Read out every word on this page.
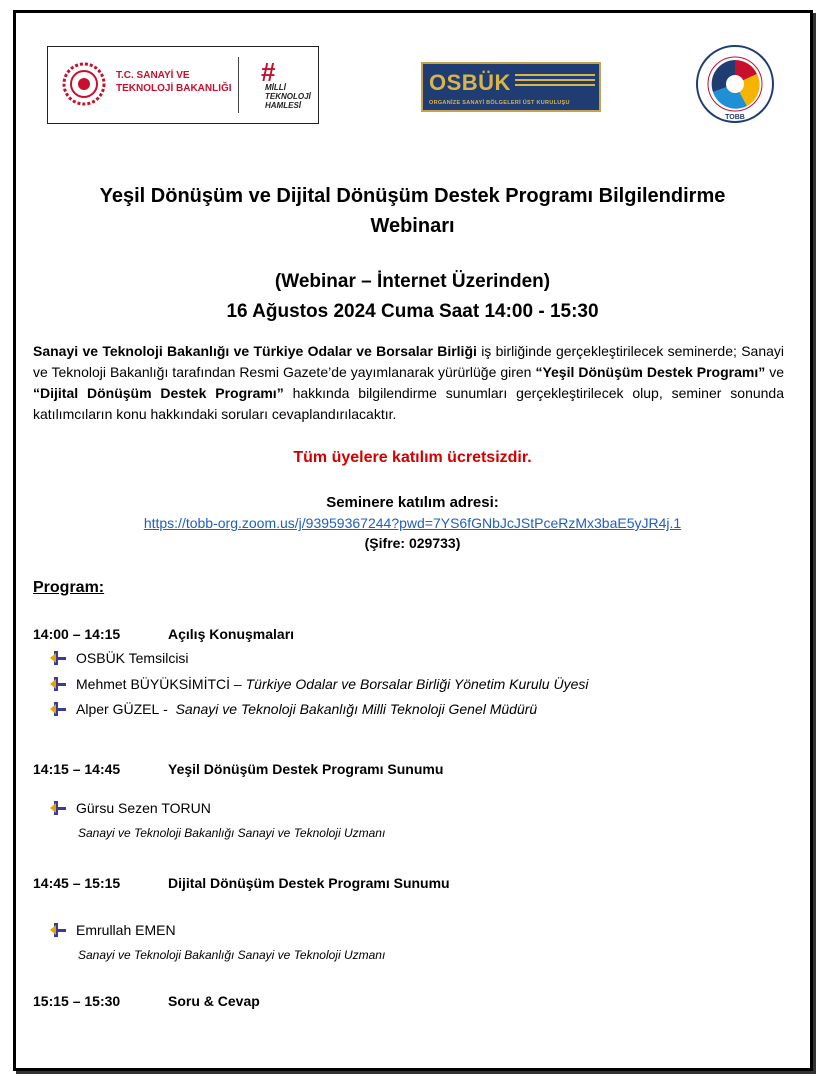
T.C. SANAYİ VE
TEKNOLOJİ BAKANLIĞI
#
MİLLİ
TEKNOLOJİ
HAMLESİ
OSBÜK
ORGANİZE SANAYİ BÖLGELERİ ÜST KURULUŞU
TOBB
Yeşil Dönüşüm ve Dijital Dönüşüm Destek Programı Bilgilendirme
Webinarı
(Webinar – İnternet Üzerinden)
16 Ağustos 2024 Cuma Saat 14:00 - 15:30
Sanayi ve Teknoloji Bakanlığı ve Türkiye Odalar ve Borsalar Birliği iş birliğinde gerçekleştirilecek seminerde; Sanayi ve Teknoloji Bakanlığı tarafından Resmi Gazete’de yayımlanarak yürürlüğe giren “Yeşil Dönüşüm Destek Programı” ve “Dijital Dönüşüm Destek Programı” hakkında bilgilendirme sunumları gerçekleştirilecek olup, seminer sonunda katılımcıların konu hakkındaki soruları cevaplandırılacaktır.
Tüm üyelere katılım ücretsizdir.
Seminere katılım adresi:
https://tobb-org.zoom.us/j/93959367244?pwd=7YS6fGNbJcJStPceRzMx3baE5yJR4j.1
(Şifre: 029733)
Program:
14:00 – 14:15	Açılış Konuşmaları
OSBÜK Temsilcisi
Mehmet BÜYÜKSİMİTCİ – Türkiye Odalar ve Borsalar Birliği Yönetim Kurulu Üyesi
Alper GÜZEL - Sanayi ve Teknoloji Bakanlığı Milli Teknoloji Genel Müdürü
14:15 – 14:45	Yeşil Dönüşüm Destek Programı Sunumu
Gürsu Sezen TORUN
Sanayi ve Teknoloji Bakanlığı Sanayi ve Teknoloji Uzmanı
14:45 – 15:15	Dijital Dönüşüm Destek Programı Sunumu
Emrullah EMEN
Sanayi ve Teknoloji Bakanlığı Sanayi ve Teknoloji Uzmanı
15:15 – 15:30	Soru & Cevap
